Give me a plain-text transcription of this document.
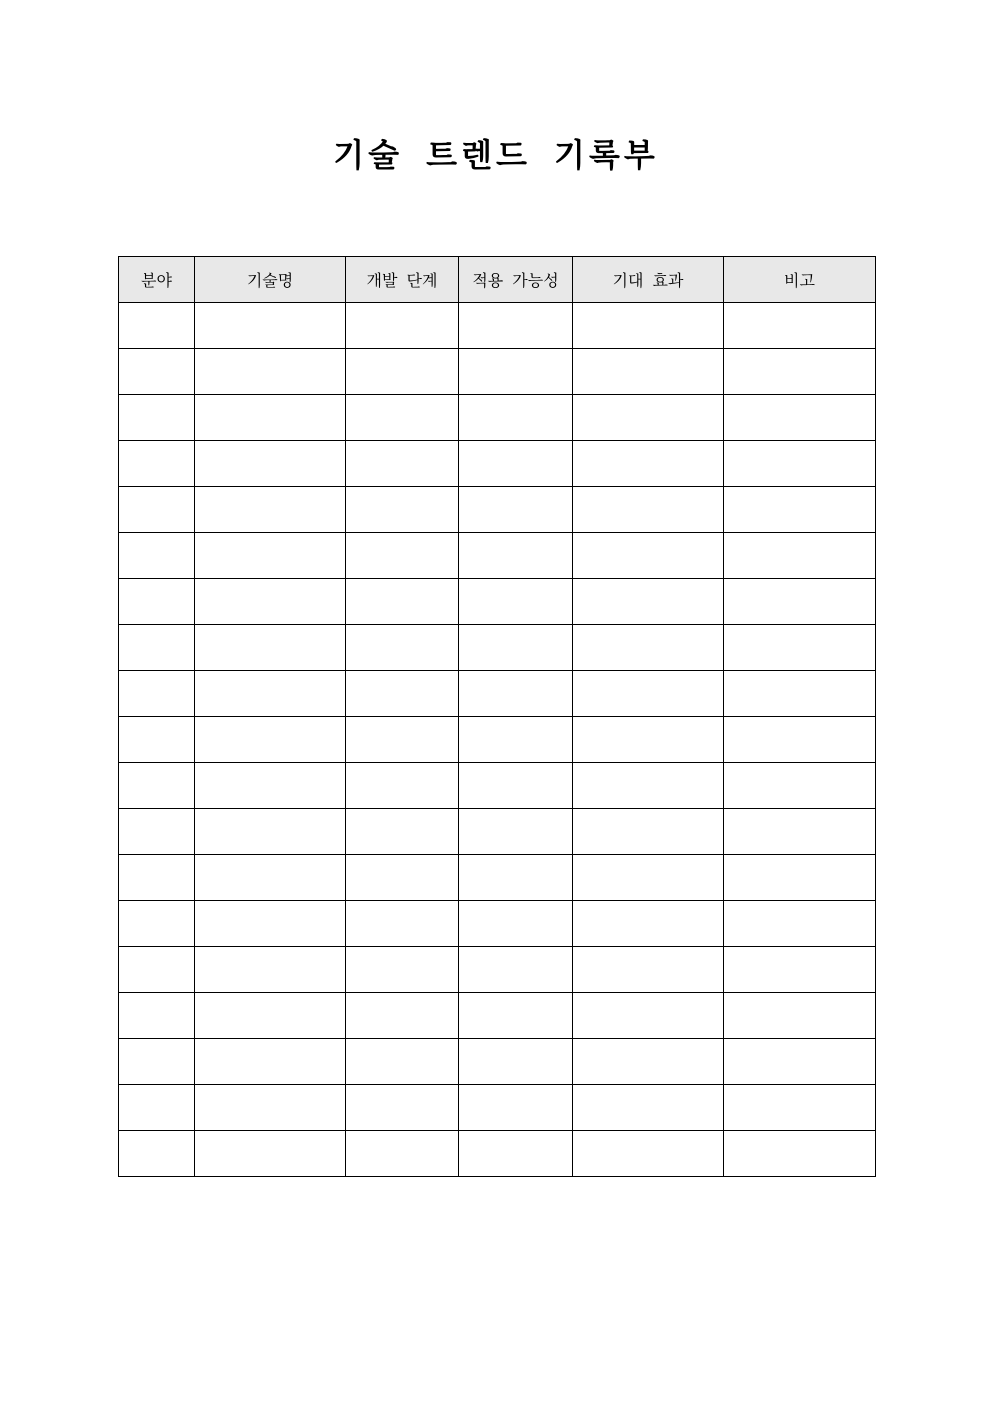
기술 트렌드 기록부
분야	기술명	개발 단계	적용 가능성	기대 효과	비고
